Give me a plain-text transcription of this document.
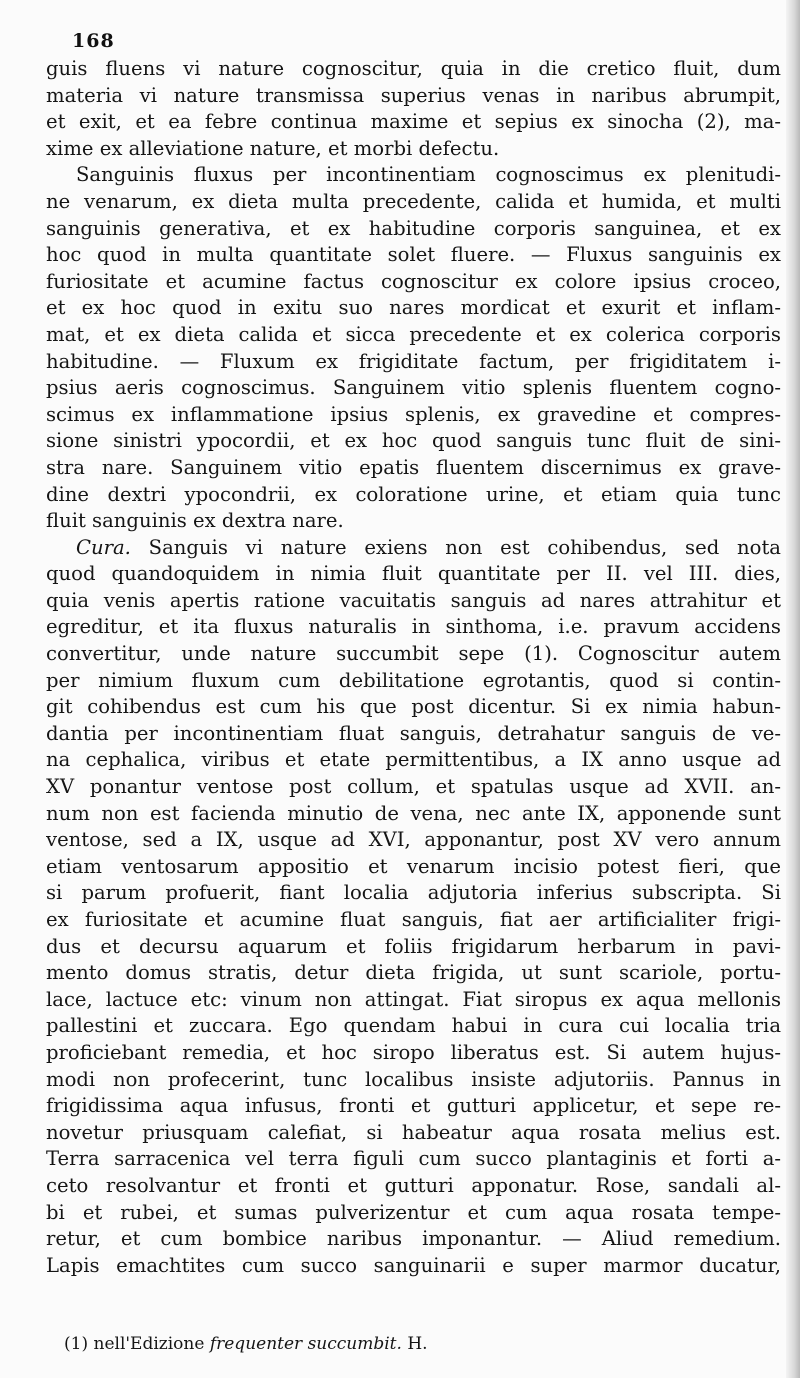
168
guis fluens vi nature cognoscitur, quia in die cretico fluit, dum
materia vi nature transmissa superius venas in naribus abrumpit,
et exit, et ea febre continua maxime et sepius ex sinocha (2), ma-
xime ex alleviatione nature, et morbi defectu.
Sanguinis fluxus per incontinentiam cognoscimus ex plenitudi-
ne venarum, ex dieta multa precedente, calida et humida, et multi
sanguinis generativa, et ex habitudine corporis sanguinea, et ex
hoc quod in multa quantitate solet fluere. — Fluxus sanguinis ex
furiositate et acumine factus cognoscitur ex colore ipsius croceo,
et ex hoc quod in exitu suo nares mordicat et exurit et inflam-
mat, et ex dieta calida et sicca precedente et ex colerica corporis
habitudine. — Fluxum ex frigiditate factum, per frigiditatem i-
psius aeris cognoscimus. Sanguinem vitio splenis fluentem cogno-
scimus ex inflammatione ipsius splenis, ex gravedine et compres-
sione sinistri ypocordii, et ex hoc quod sanguis tunc fluit de sini-
stra nare. Sanguinem vitio epatis fluentem discernimus ex grave-
dine dextri ypocondrii, ex coloratione urine, et etiam quia tunc
fluit sanguinis ex dextra nare.
Cura. Sanguis vi nature exiens non est cohibendus, sed nota
quod quandoquidem in nimia fluit quantitate per II. vel III. dies,
quia venis apertis ratione vacuitatis sanguis ad nares attrahitur et
egreditur, et ita fluxus naturalis in sinthoma, i.e. pravum accidens
convertitur, unde nature succumbit sepe (1). Cognoscitur autem
per nimium fluxum cum debilitatione egrotantis, quod si contin-
git cohibendus est cum his que post dicentur. Si ex nimia habun-
dantia per incontinentiam fluat sanguis, detrahatur sanguis de ve-
na cephalica, viribus et etate permittentibus, a IX anno usque ad
XV ponantur ventose post collum, et spatulas usque ad XVII. an-
num non est facienda minutio de vena, nec ante IX, apponende sunt
ventose, sed a IX, usque ad XVI, apponantur, post XV vero annum
etiam ventosarum appositio et venarum incisio potest fieri, que
si parum profuerit, fiant localia adjutoria inferius subscripta. Si
ex furiositate et acumine fluat sanguis, fiat aer artificialiter frigi-
dus et decursu aquarum et foliis frigidarum herbarum in pavi-
mento domus stratis, detur dieta frigida, ut sunt scariole, portu-
lace, lactuce etc: vinum non attingat. Fiat siropus ex aqua mellonis
pallestini et zuccara. Ego quendam habui in cura cui localia tria
proficiebant remedia, et hoc siropo liberatus est. Si autem hujus-
modi non profecerint, tunc localibus insiste adjutoriis. Pannus in
frigidissima aqua infusus, fronti et gutturi applicetur, et sepe re-
novetur priusquam calefiat, si habeatur aqua rosata melius est.
Terra sarracenica vel terra figuli cum succo plantaginis et forti a-
ceto resolvantur et fronti et gutturi apponatur. Rose, sandali al-
bi et rubei, et sumas pulverizentur et cum aqua rosata tempe-
retur, et cum bombice naribus imponantur. — Aliud remedium.
Lapis emachtites cum succo sanguinarii e super marmor ducatur,
(1) nell'Edizione frequenter succumbit. H.
